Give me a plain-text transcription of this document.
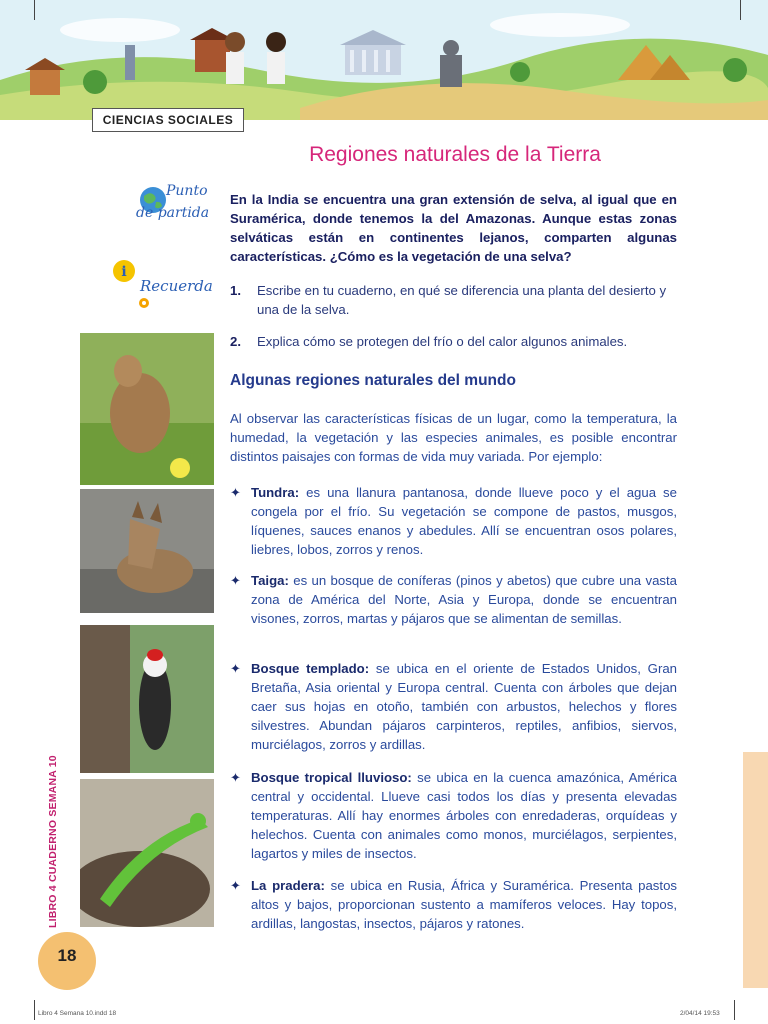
CIENCIAS SOCIALES
Regiones naturales de la Tierra
Punto
de partida
En la India se encuentra una gran extensión de selva, al igual que en Suramérica, donde tenemos la del Amazonas. Aunque estas zonas selváticas están en continentes lejanos, comparten algunas características. ¿Cómo es la vegetación de una selva?
i
Recuerda 1.	Escribe en tu cuaderno, en qué se diferencia una planta del desierto y una de la selva.
2.	Explica cómo se protegen del frío o del calor algunos animales.
Algunas regiones naturales del mundo
Al observar las características físicas de un lugar, como la temperatura, la humedad, la vegetación y las especies animales, es posible encontrar distintos paisajes con formas de vida muy variada. Por ejemplo:
✦ Tundra: es una llanura pantanosa, donde llueve poco y el agua se congela por el frío. Su vegetación se compone de pastos, musgos, líquenes, sauces enanos y abedules. Allí se encuentran osos polares, liebres, lobos, zorros y renos.
✦ Taiga: es un bosque de coníferas (pinos y abetos) que cubre una vasta zona de América del Norte, Asia y Europa, donde se encuentran visones, zorros, martas y pájaros que se alimentan de semillas.
✦ Bosque templado: se ubica en el oriente de Estados Unidos, Gran Bretaña, Asia oriental y Europa central. Cuenta con árboles que dejan caer sus hojas en otoño, también con arbustos, helechos y flores silvestres. Abundan pájaros carpinteros, reptiles, anfibios, siervos, murciélagos, zorros y ardillas.
✦ Bosque tropical lluvioso: se ubica en la cuenca amazónica, América central y occidental. Llueve casi todos los días y presenta elevadas temperaturas. Allí hay enormes árboles con enredaderas, orquídeas y helechos. Cuenta con animales como monos, murciélagos, serpientes, lagartos y miles de insectos.
✦ La pradera: se ubica en Rusia, África y Suramérica. Presenta pastos altos y bajos, proporcionan sustento a mamíferos veloces. Hay topos, ardillas, langostas, insectos, pájaros y ratones.
LIBRO 4 CUADERNO SEMANA 10
18
Libro 4 Semana 10.indd 18	2/04/14 19:53
